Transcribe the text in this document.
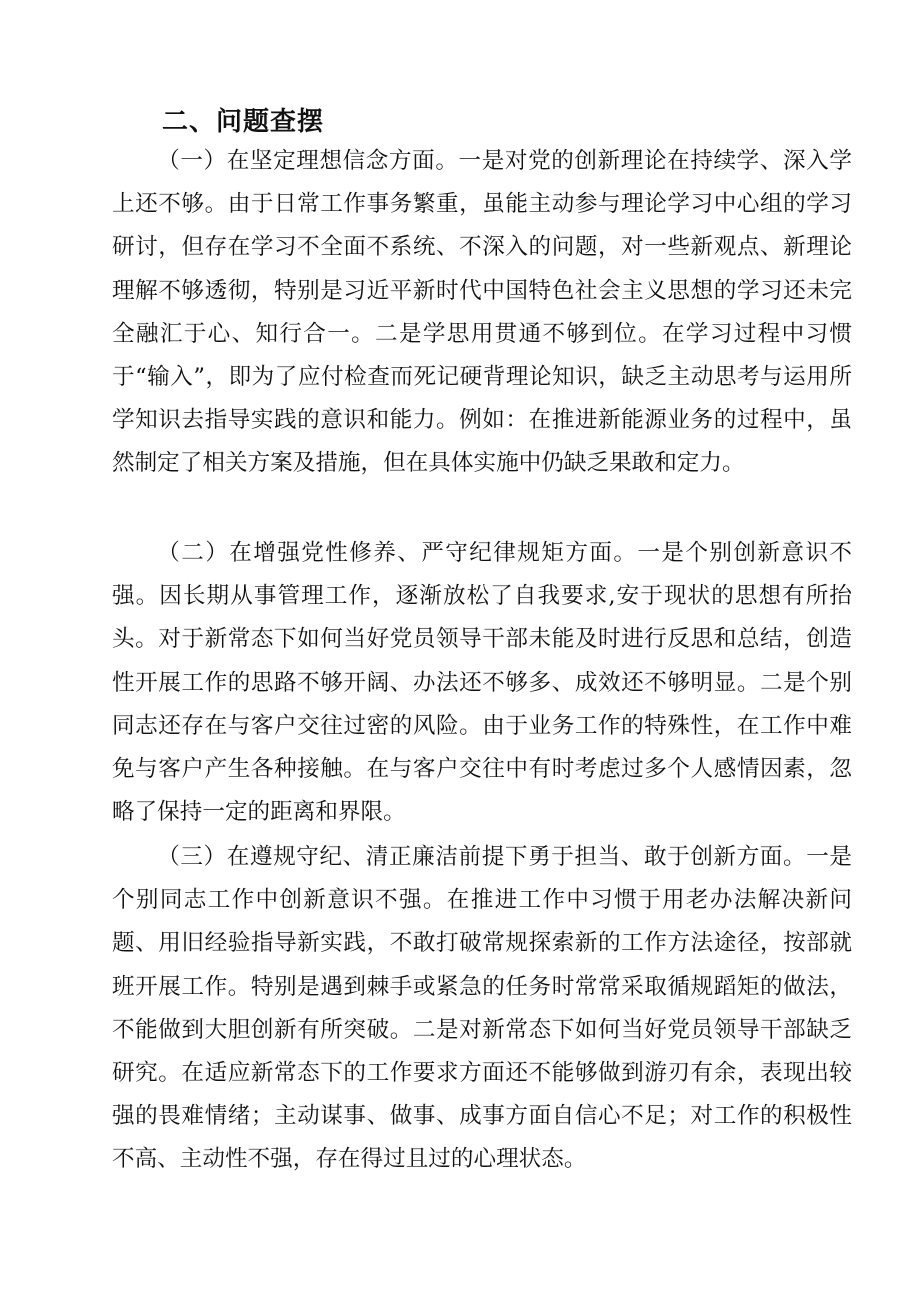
二、问题查摆

（一）在坚定理想信念方面。一是对党的创新理论在持续学、深入学上还不够。由于日常工作事务繁重，虽能主动参与理论学习中心组的学习研讨，但存在学习不全面不系统、不深入的问题，对一些新观点、新理论理解不够透彻，特别是习近平新时代中国特色社会主义思想的学习还未完全融汇于心、知行合一。二是学思用贯通不够到位。在学习过程中习惯于“输入”，即为了应付检查而死记硬背理论知识，缺乏主动思考与运用所学知识去指导实践的意识和能力。例如：在推进新能源业务的过程中，虽然制定了相关方案及措施，但在具体实施中仍缺乏果敢和定力。

（二）在增强党性修养、严守纪律规矩方面。一是个别创新意识不强。因长期从事管理工作，逐渐放松了自我要求,安于现状的思想有所抬头。对于新常态下如何当好党员领导干部未能及时进行反思和总结，创造性开展工作的思路不够开阔、办法还不够多、成效还不够明显。二是个别同志还存在与客户交往过密的风险。由于业务工作的特殊性，在工作中难免与客户产生各种接触。在与客户交往中有时考虑过多个人感情因素，忽略了保持一定的距离和界限。

（三）在遵规守纪、清正廉洁前提下勇于担当、敢于创新方面。一是个别同志工作中创新意识不强。在推进工作中习惯于用老办法解决新问题、用旧经验指导新实践，不敢打破常规探索新的工作方法途径，按部就班开展工作。特别是遇到棘手或紧急的任务时常常采取循规蹈矩的做法，不能做到大胆创新有所突破。二是对新常态下如何当好党员领导干部缺乏研究。在适应新常态下的工作要求方面还不能够做到游刃有余，表现出较强的畏难情绪；主动谋事、做事、成事方面自信心不足；对工作的积极性不高、主动性不强，存在得过且过的心理状态。
